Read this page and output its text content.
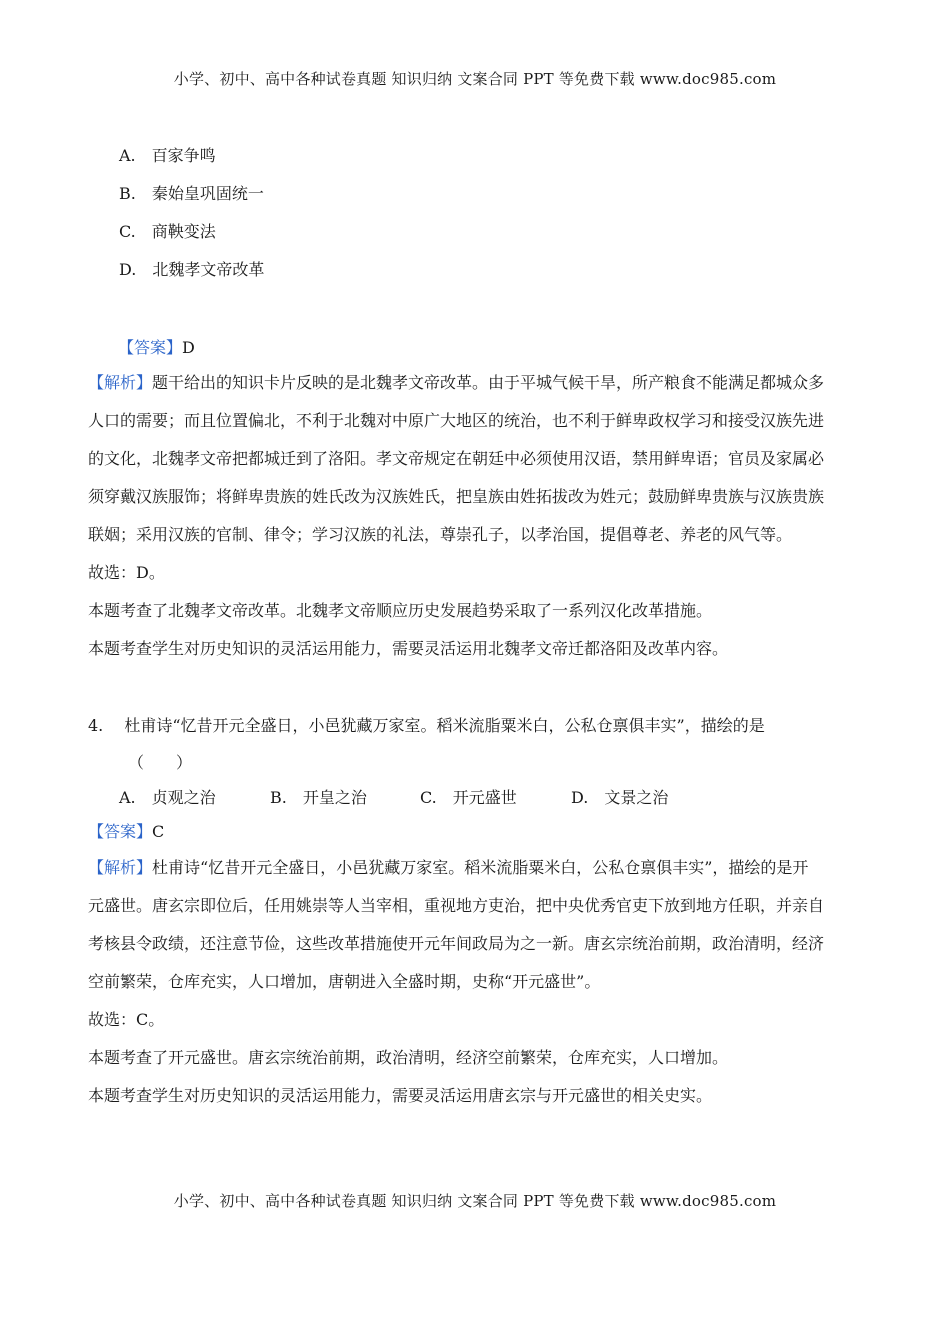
小学、初中、高中各种试卷真题 知识归纳 文案合同 PPT 等免费下载 www.doc985.com
A.　百家争鸣
B.　秦始皇巩固统一
C.　商鞅变法
D.　北魏孝文帝改革
【答案】D
【解析】题干给出的知识卡片反映的是北魏孝文帝改革。由于平城气候干旱，所产粮食不能满足都城众多
人口的需要；而且位置偏北，不利于北魏对中原广大地区的统治，也不利于鲜卑政权学习和接受汉族先进
的文化，北魏孝文帝把都城迁到了洛阳。孝文帝规定在朝廷中必须使用汉语，禁用鲜卑语；官员及家属必
须穿戴汉族服饰；将鲜卑贵族的姓氏改为汉族姓氏，把皇族由姓拓拔改为姓元；鼓励鲜卑贵族与汉族贵族
联姻；采用汉族的官制、律令；学习汉族的礼法，尊崇孔子，以孝治国，提倡尊老、养老的风气等。
故选：D。
本题考查了北魏孝文帝改革。北魏孝文帝顺应历史发展趋势采取了一系列汉化改革措施。
本题考查学生对历史知识的灵活运用能力，需要灵活运用北魏孝文帝迁都洛阳及改革内容。
4.　 杜甫诗“忆昔开元全盛日，小邑犹藏万家室。稻米流脂粟米白，公私仓禀俱丰实”，描绘的是
（　　）
A.　贞观之治	B.　开皇之治	C.　开元盛世	D.　文景之治
【答案】C
【解析】杜甫诗“忆昔开元全盛日，小邑犹藏万家室。稻米流脂粟米白，公私仓禀俱丰实”，描绘的是开
元盛世。唐玄宗即位后，任用姚崇等人当宰相，重视地方吏治，把中央优秀官吏下放到地方任职，并亲自
考核县令政绩，还注意节俭，这些改革措施使开元年间政局为之一新。唐玄宗统治前期，政治清明，经济
空前繁荣，仓库充实，人口增加，唐朝进入全盛时期，史称“开元盛世”。
故选：C。
本题考查了开元盛世。唐玄宗统治前期，政治清明，经济空前繁荣，仓库充实，人口增加。
本题考查学生对历史知识的灵活运用能力，需要灵活运用唐玄宗与开元盛世的相关史实。
小学、初中、高中各种试卷真题 知识归纳 文案合同 PPT 等免费下载 www.doc985.com
